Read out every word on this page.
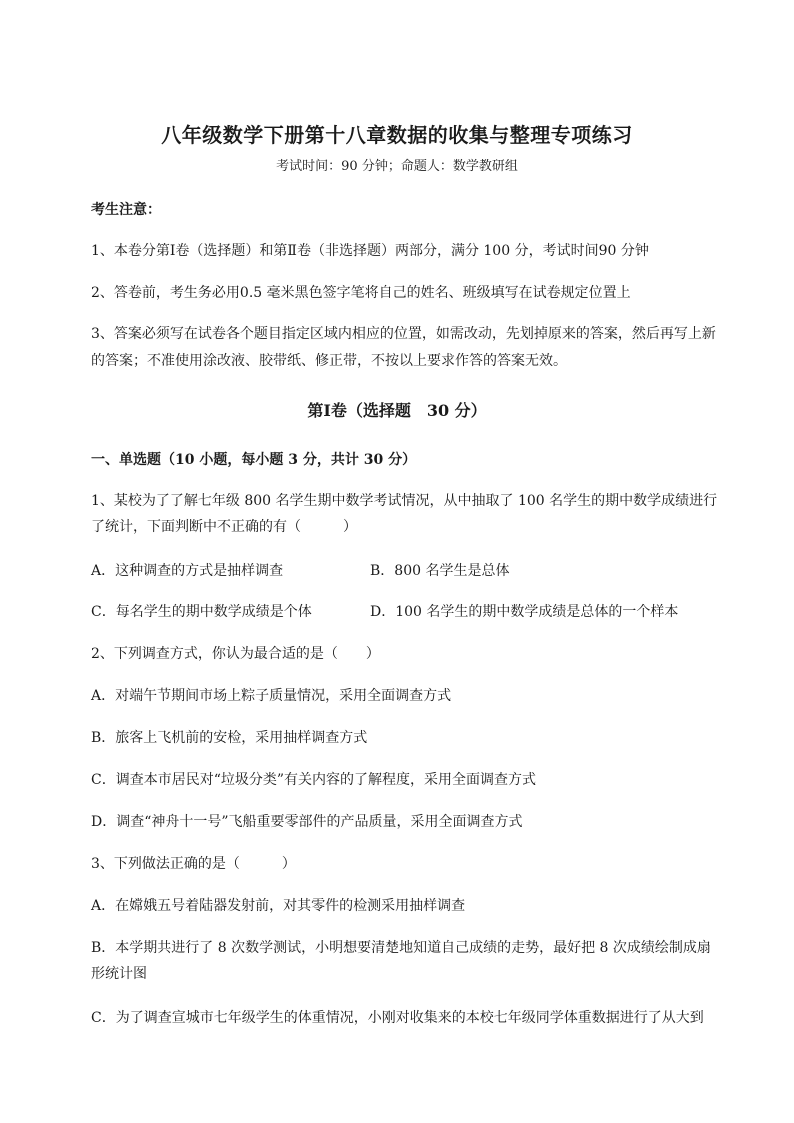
八年级数学下册第十八章数据的收集与整理专项练习
考试时间：90 分钟；命题人：数学教研组
考生注意：
1、本卷分第Ⅰ卷（选择题）和第Ⅱ卷（非选择题）两部分，满分 100 分，考试时间90 分钟
2、答卷前，考生务必用0.5 毫米黑色签字笔将自己的姓名、班级填写在试卷规定位置上
3、答案必须写在试卷各个题目指定区域内相应的位置，如需改动，先划掉原来的答案，然后再写上新
的答案；不准使用涂改液、胶带纸、修正带，不按以上要求作答的答案无效。
第Ⅰ卷（选择题　30 分）
一、单选题（10 小题，每小题 3 分，共计 30 分）
1、某校为了了解七年级 800 名学生期中数学考试情况，从中抽取了 100 名学生的期中数学成绩进行
了统计，下面判断中不正确的有（　　　）
A．这种调查的方式是抽样调查	B．800 名学生是总体
C．每名学生的期中数学成绩是个体	D．100 名学生的期中数学成绩是总体的一个样本
2、下列调查方式，你认为最合适的是（　　）
A．对端午节期间市场上粽子质量情况，采用全面调查方式
B．旅客上飞机前的安检，采用抽样调查方式
C．调查本市居民对“垃圾分类”有关内容的了解程度，采用全面调查方式
D．调查“神舟十一号”飞船重要零部件的产品质量，采用全面调查方式
3、下列做法正确的是（　　　）
A．在嫦娥五号着陆器发射前，对其零件的检测采用抽样调查
B．本学期共进行了 8 次数学测试，小明想要清楚地知道自己成绩的走势，最好把 8 次成绩绘制成扇
形统计图
C．为了调查宣城市七年级学生的体重情况，小刚对收集来的本校七年级同学体重数据进行了从大到
